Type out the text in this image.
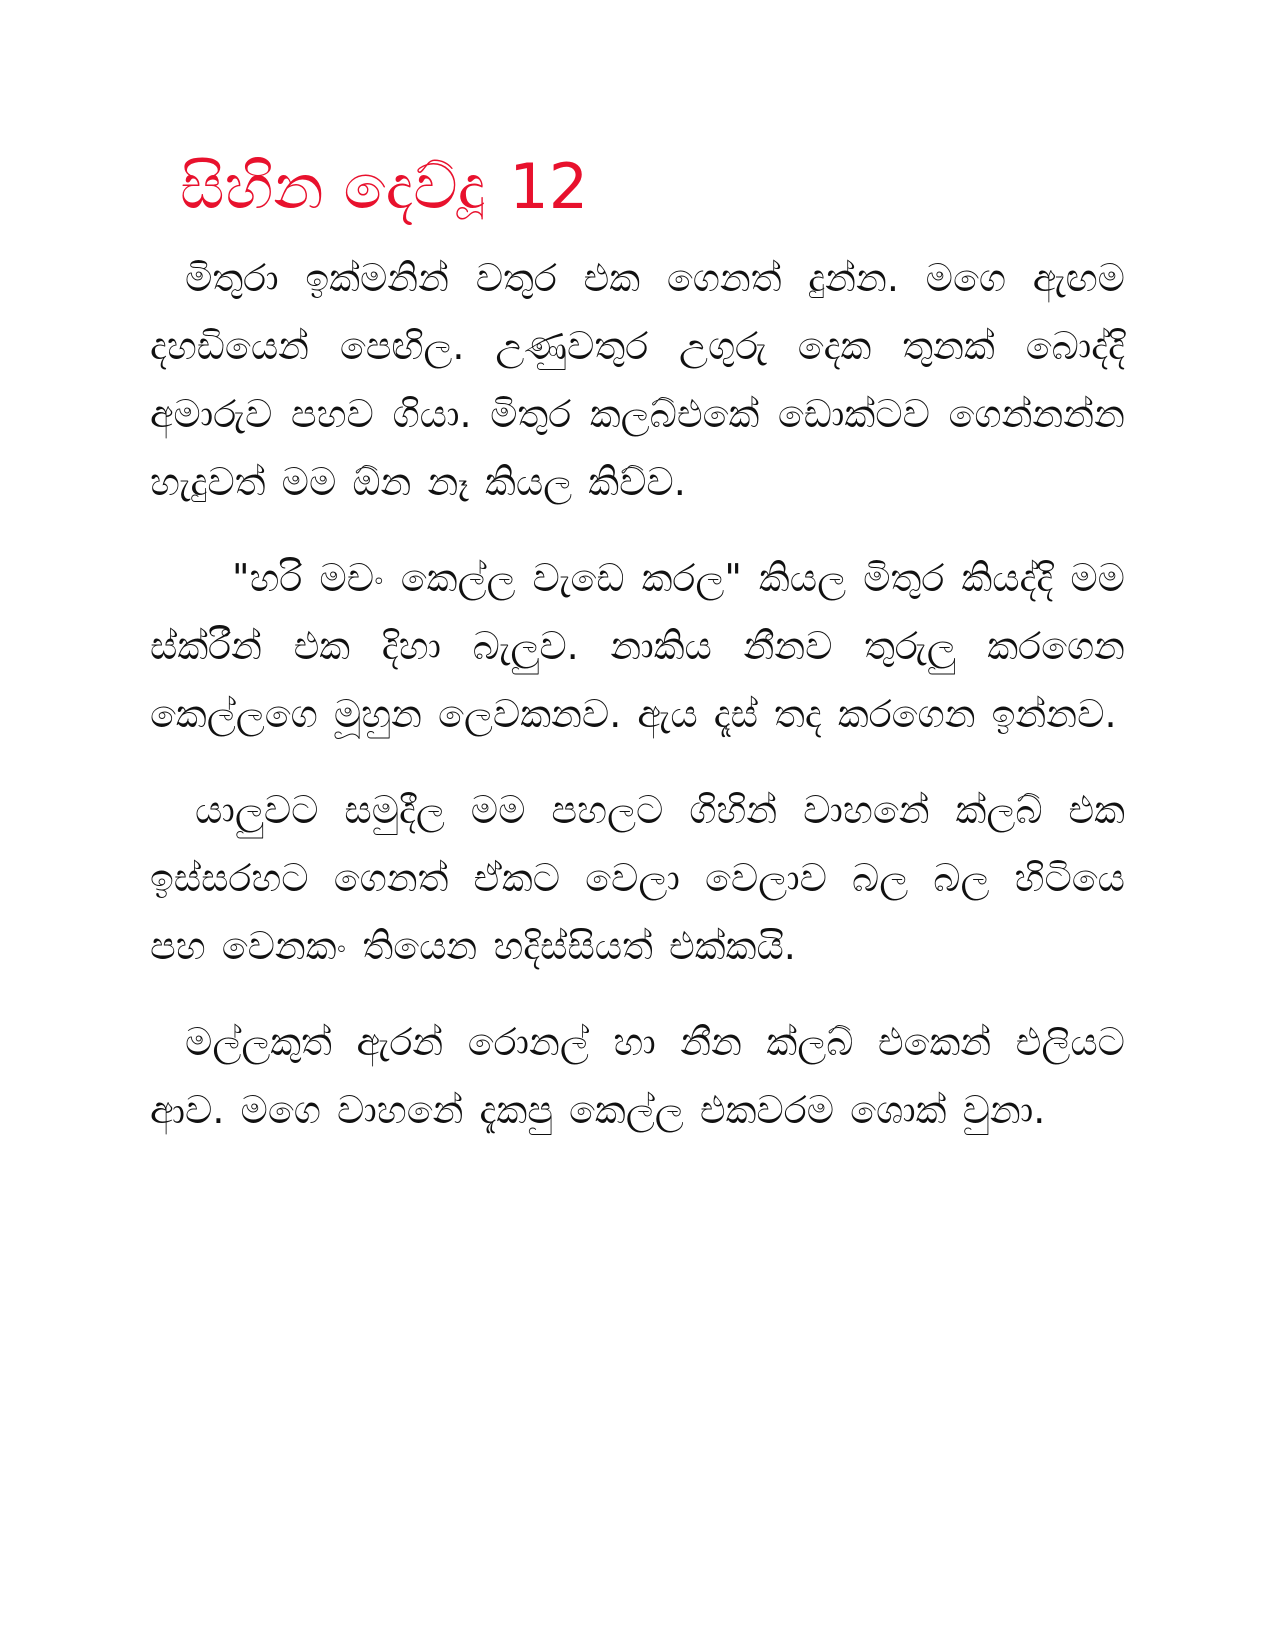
සිහින දෙව්දූ 12

මිතුරා ඉක්මනින් වතුර එක ගෙනත් දුන්න. මගෙ ඇඟම දහඩියෙන් පෙඟිල. උණුවතුර උගුරු දෙක තුනක් බොද්දි අමාරුව පහව ගියා. මිතුර කලබ්එකේ ඩොක්ටව ගෙන්නන්න හැදුවත් මම ඕන නෑ කියල කිව්ව.

"හරි මචං කෙල්ල වැඩෙ කරල" කියල මිතුර කියද්දි මම ස්ක්රීන් එක දිහා බැලුව. නාකිය නීනව තුරුලු කරගෙන කෙල්ලගෙ මූහුන ලෙවකනව. ඇය දෑස් තද කරගෙන ඉන්නව.

යාලුවට සමුදීල මම පහලට ගිහින් වාහනේ ක්ලබ් එක ඉස්සරහට ගෙනත් ඒකට වෙලා වෙලාව බල බල හිටියෙ පහ වෙනකං තියෙන හදිස්සියත් එක්කයි.

මල්ලකුත් ඇරන් රොනල් හා නීන ක්ලබ් එකෙන් එලියට ආව. මගෙ වාහනේ දැකපු කෙල්ල එකවරම ශොක් වුනා.
